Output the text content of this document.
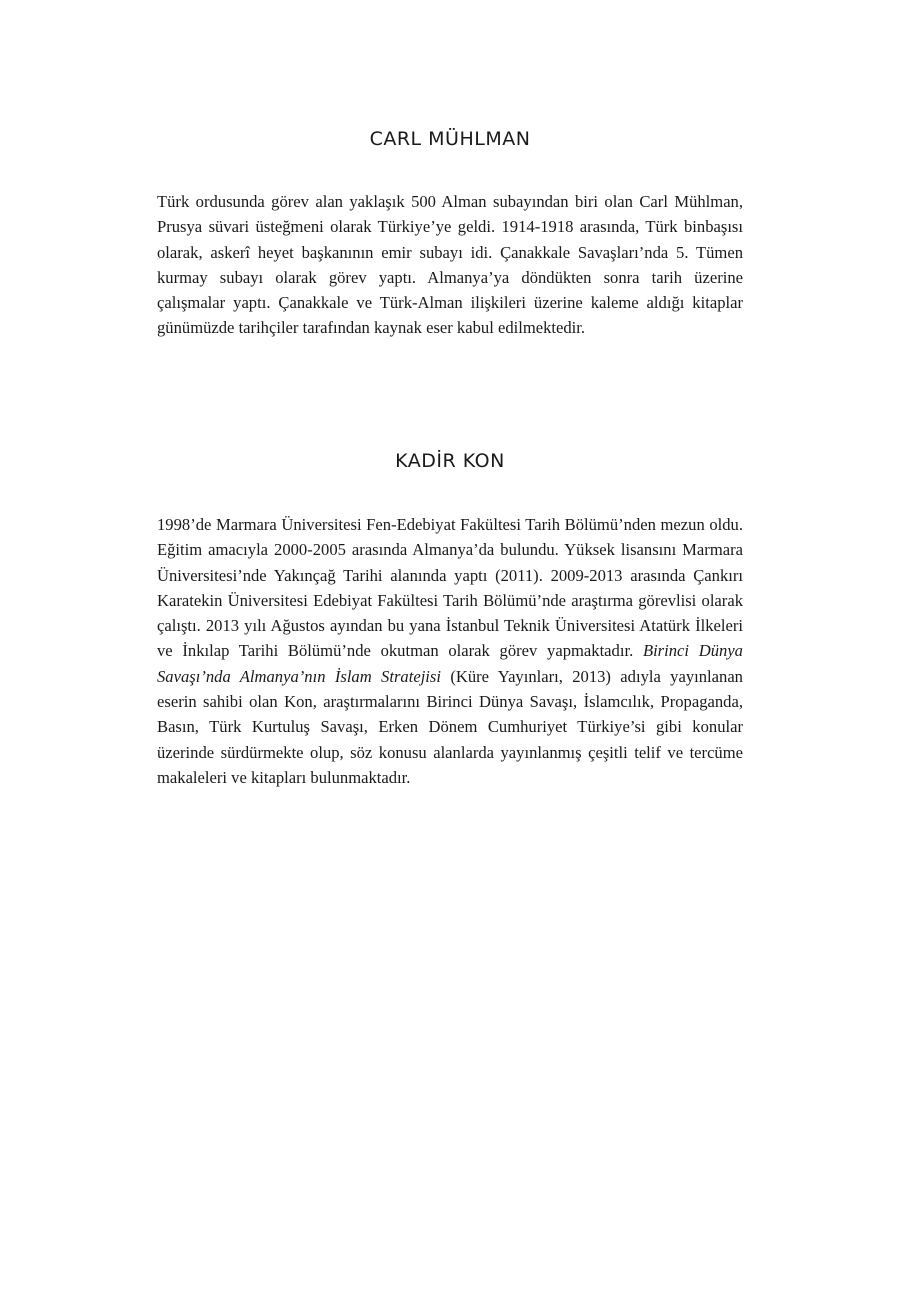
CARL MÜHLMAN

Türk ordusunda görev alan yaklaşık 500 Alman subayından biri olan Carl Mühlman, Prusya süvari üsteğmeni olarak Türkiye’ye geldi. 1914-1918 arasında, Türk binbaşısı olarak, askerî heyet başkanının emir subayı idi. Çanakkale Savaşları’nda 5. Tümen kurmay subayı olarak görev yaptı. Almanya’ya döndükten sonra tarih üzerine çalışmalar yaptı. Çanakkale ve Türk-Alman ilişkileri üzerine kaleme aldığı kitaplar günümüzde tarihçiler tarafından kaynak eser kabul edilmektedir.

KADİR KON

1998’de Marmara Üniversitesi Fen-Edebiyat Fakültesi Tarih Bölümü’nden mezun oldu. Eğitim amacıyla 2000-2005 arasında Almanya’da bulundu. Yüksek lisansını Marmara Üniversitesi’nde Yakınçağ Tarihi alanında yaptı (2011). 2009-2013 arasında Çankırı Karatekin Üniversitesi Edebiyat Fakültesi Tarih Bölümü’nde araştırma görevlisi olarak çalıştı. 2013 yılı Ağustos ayından bu yana İstanbul Teknik Üniversitesi Atatürk İlkeleri ve İnkılap Tarihi Bölümü’nde okutman olarak görev yapmaktadır. Birinci Dünya Savaşı’nda Almanya’nın İslam Stratejisi (Küre Yayınları, 2013) adıyla yayınlanan eserin sahibi olan Kon, araştırmalarını Birinci Dünya Savaşı, İslamcılık, Propaganda, Basın, Türk Kurtuluş Savaşı, Erken Dönem Cumhuriyet Türkiye’si gibi konular üzerinde sürdürmekte olup, söz konusu alanlarda yayınlanmış çeşitli telif ve tercüme makaleleri ve kitapları bulunmaktadır.
